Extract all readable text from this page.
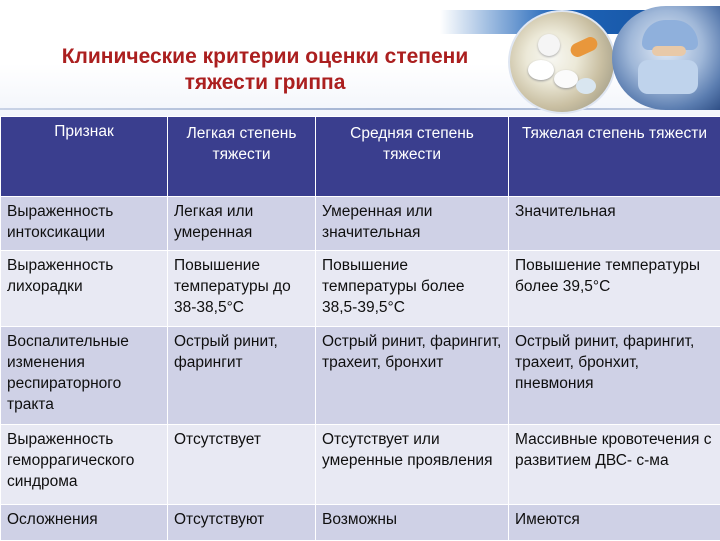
Клинические критерии оценки степени
тяжести гриппа
Признак	Легкая степень тяжести	Средняя степень тяжести	Тяжелая степень тяжести
Выраженность интоксикации	Легкая или умеренная	Умеренная или значительная	Значительная
Выраженность лихорадки	Повышение температуры до 38-38,5°С	Повышение температуры более 38,5-39,5°С	Повышение температуры более 39,5°С
Воспалительные изменения респираторного тракта	Острый ринит, фарингит	Острый ринит, фарингит, трахеит, бронхит	Острый ринит, фарингит, трахеит, бронхит, пневмония
Выраженность геморрагического синдрома	Отсутствует	Отсутствует или умеренные проявления	Массивные кровотечения с развитием ДВС- с-ма
Осложнения	Отсутствуют	Возможны	Имеются
